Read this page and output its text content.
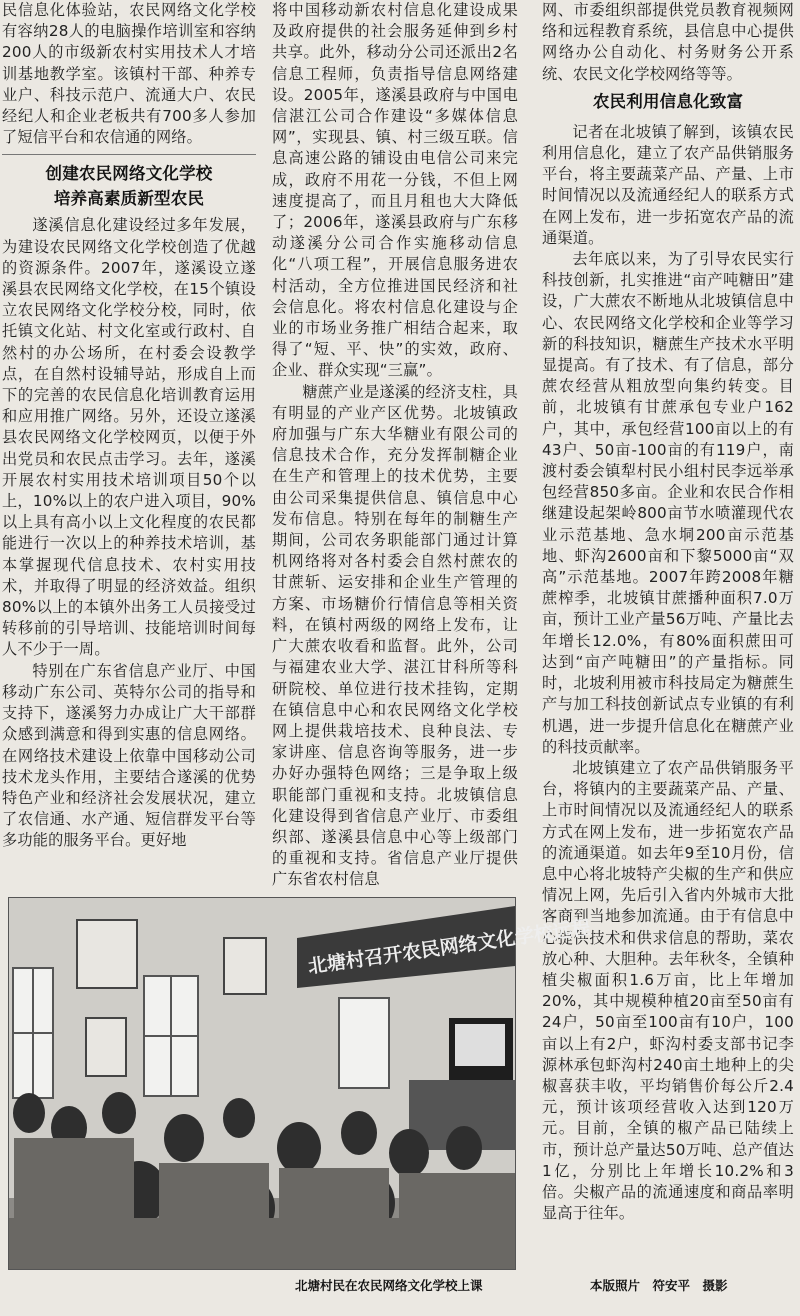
民信息化体验站，农民网络文化学校有容纳28人的电脑操作培训室和容纳200人的市级新农村实用技术人才培训基地教学室。该镇村干部、种养专业户、科技示范户、流通大户、农民经纪人和企业老板共有700多人参加了短信平台和农信通的网络。

创建农民网络文化学校
培养高素质新型农民

遂溪信息化建设经过多年发展，为建设农民网络文化学校创造了优越的资源条件。2007年，遂溪设立遂溪县农民网络文化学校，在15个镇设立农民网络文化学校分校，同时，依托镇文化站、村文化室或行政村、自然村的办公场所，在村委会设教学点，在自然村设辅导站，形成自上而下的完善的农民信息化培训教育运用和应用推广网络。另外，还设立遂溪县农民网络文化学校网页，以便于外出党员和农民点击学习。去年，遂溪开展农村实用技术培训项目50个以上，10%以上的农户进入项目，90%以上具有高小以上文化程度的农民都能进行一次以上的种养技术培训，基本掌握现代信息技术、农村实用技术，并取得了明显的经济效益。组织80%以上的本镇外出务工人员接受过转移前的引导培训、技能培训时间每人不少于一周。

特别在广东省信息产业厅、中国移动广东公司、英特尔公司的指导和支持下，遂溪努力办成让广大干部群众感到满意和得到实惠的信息网络。在网络技术建设上依靠中国移动公司技术龙头作用，主要结合遂溪的优势特色产业和经济社会发展状况，建立了农信通、水产通、短信群发平台等多功能的服务平台。更好地

将中国移动新农村信息化建设成果及政府提供的社会服务延伸到乡村共享。此外，移动分公司还派出2名信息工程师，负责指导信息网络建设。2005年，遂溪县政府与中国电信湛江公司合作建设“多媒体信息网”，实现县、镇、村三级互联。信息高速公路的铺设由电信公司来完成，政府不用花一分钱，不但上网速度提高了，而且月租也大大降低了；2006年，遂溪县政府与广东移动遂溪分公司合作实施移动信息化“八项工程”，开展信息服务进农村活动，全方位推进国民经济和社会信息化。将农村信息化建设与企业的市场业务推广相结合起来，取得了“短、平、快”的实效，政府、企业、群众实现“三赢”。

糖蔗产业是遂溪的经济支柱，具有明显的产业产区优势。北坡镇政府加强与广东大华糖业有限公司的信息技术合作，充分发挥制糖企业在生产和管理上的技术优势，主要由公司采集提供信息、镇信息中心发布信息。特别在每年的制糖生产期间，公司农务职能部门通过计算机网络将对各村委会自然村蔗农的甘蔗斩、运安排和企业生产管理的方案、市场糖价行情信息等相关资料，在镇村两级的网络上发布，让广大蔗农收看和监督。此外，公司与福建农业大学、湛江甘科所等科研院校、单位进行技术挂钩，定期在镇信息中心和农民网络文化学校网上提供栽培技术、良种良法、专家讲座、信息咨询等服务，进一步办好办强特色网络；三是争取上级职能部门重视和支持。北坡镇信息化建设得到省信息产业厅、市委组织部、遂溪县信息中心等上级部门的重视和支持。省信息产业厅提供广东省农村信息

网、市委组织部提供党员教育视频网络和远程教育系统，县信息中心提供网络办公自动化、村务财务公开系统、农民文化学校网络等等。

农民利用信息化致富

记者在北坡镇了解到，该镇农民利用信息化，建立了农产品供销服务平台，将主要蔬菜产品、产量、上市时间情况以及流通经纪人的联系方式在网上发布，进一步拓宽农产品的流通渠道。

去年底以来，为了引导农民实行科技创新，扎实推进“亩产吨糖田”建设，广大蔗农不断地从北坡镇信息中心、农民网络文化学校和企业等学习新的科技知识，糖蔗生产技术水平明显提高。有了技术、有了信息，部分蔗农经营从粗放型向集约转变。目前，北坡镇有甘蔗承包专业户162户，其中，承包经营100亩以上的有43户、50亩-100亩的有119户，南渡村委会镇犁村民小组村民李远举承包经营850多亩。企业和农民合作相继建设起架岭800亩节水喷灌现代农业示范基地、急水垌200亩示范基地、虾沟2600亩和下黎5000亩“双高”示范基地。2007年跨2008年糖蔗榨季，北坡镇甘蔗播种面积7.0万亩，预计工业产量56万吨、产量比去年增长12.0%，有80%面积蔗田可达到“亩产吨糖田”的产量指标。同时，北坡利用被市科技局定为糖蔗生产与加工科技创新试点专业镇的有利机遇，进一步提升信息化在糖蔗产业的科技贡献率。

北坡镇建立了农产品供销服务平台，将镇内的主要蔬菜产品、产量、上市时间情况以及流通经纪人的联系方式在网上发布，进一步拓宽农产品的流通渠道。如去年9至10月份，信息中心将北坡特产尖椒的生产和供应情况上网，先后引入省内外城市大批客商到当地参加流通。由于有信息中心提供技术和供求信息的帮助，菜农放心种、大胆种。去年秋冬，全镇种植尖椒面积1.6万亩，比上年增加20%，其中规模种植20亩至50亩有24户，50亩至100亩有10户，100亩以上有2户，虾沟村委支部书记李源林承包虾沟村240亩土地种上的尖椒喜获丰收，平均销售价每公斤2.4元，预计该项经营收入达到120万元。目前，全镇的椒产品已陆续上市，预计总产量达50万吨、总产值达1亿，分别比上年增长10.2%和3倍。尖椒产品的流通速度和商品率明显高于往年。

北塘村召开农民网络文化学校远程
北塘村民在农民网络文化学校上课	本版照片　符安平　摄影
